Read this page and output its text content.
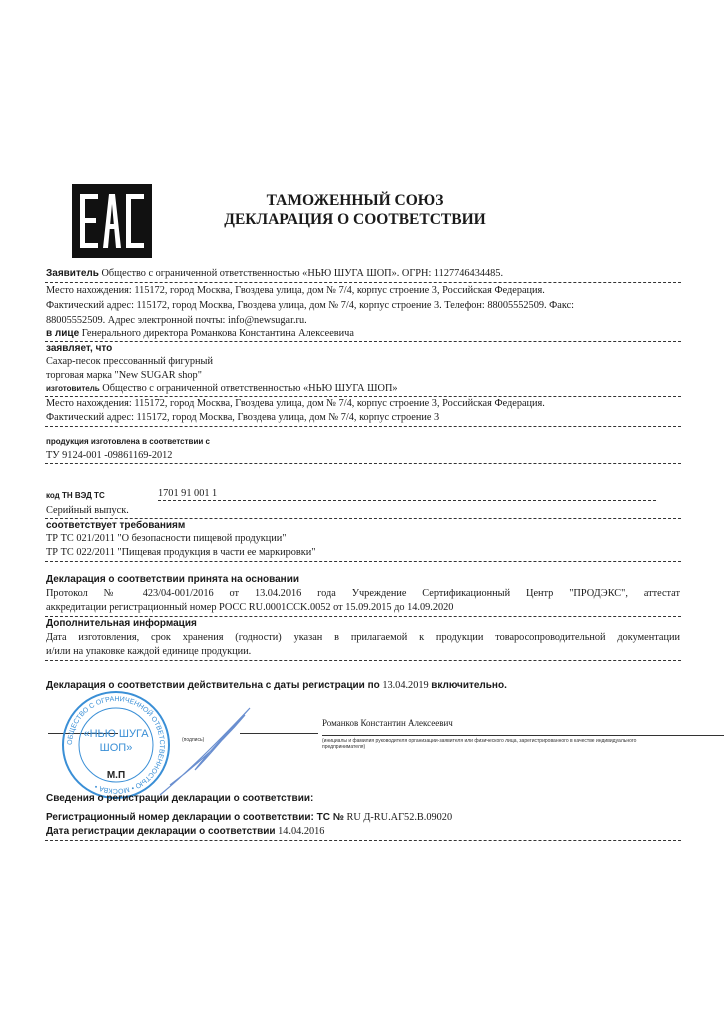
ТАМОЖЕННЫЙ СОЮЗ
ДЕКЛАРАЦИЯ О СООТВЕТСТВИИ
Заявитель Общество с ограниченной ответственностью «НЬЮ ШУГА ШОП». ОГРН: 1127746434485.
Место нахождения: 115172, город Москва, Гвоздева улица, дом № 7/4, корпус строение 3, Российская Федерация.
Фактический адрес: 115172, город Москва, Гвоздева улица, дом № 7/4, корпус строение 3. Телефон: 88005552509. Факс:
88005552509. Адрес электронной почты: info@newsugar.ru.
в лице Генерального директора Романкова Константина Алексеевича
заявляет, что
Сахар-песок прессованный фигурный
торговая марка "New SUGAR shop"
изготовитель Общество с ограниченной ответственностью «НЬЮ ШУГА ШОП»
Место нахождения: 115172, город Москва, Гвоздева улица, дом № 7/4, корпус строение 3, Российская Федерация.
Фактический адрес: 115172, город Москва, Гвоздева улица, дом № 7/4, корпус строение 3
продукция изготовлена в соответствии с
ТУ 9124-001 -09861169-2012
код ТН ВЭД ТС	1701 91 001 1
Серийный выпуск.
соответствует требованиям
ТР ТС 021/2011 "О безопасности пищевой продукции"
ТР ТС 022/2011 "Пищевая продукция в части ее маркировки"
Декларация о соответствии принята на основании
Протокол № 423/04-001/2016 от 13.04.2016 года Учреждение Сертификационный Центр "ПРОДЭКС", аттестат
аккредитации регистрационный номер РОСС RU.0001СCK.0052 от 15.09.2015 до 14.09.2020
Дополнительная информация
Дата изготовления, срок хранения (годности) указан в прилагаемой к продукции товаросопроводительной документации
и/или на упаковке каждой единице продукции.
Декларация о соответствии действительна с даты регистрации по 13.04.2019 включительно.
(подпись)
ОБЩЕСТВО С ОГРАНИЧЕННОЙ ОТВЕТСТВЕННОСТЬЮ • МОСКВА •
«НЬЮ ШУГА
ШОП»
М.П
Романков Константин Алексеевич
(инициалы и фамилия руководителя организации-заявителя или физического лица, зарегистрированного в качестве индивидуального предпринимателя)
Сведения о регистрации декларации о соответствии:
Регистрационный номер декларации о соответствии: ТС № RU Д-RU.АГ52.В.09020
Дата регистрации декларации о соответствии 14.04.2016
